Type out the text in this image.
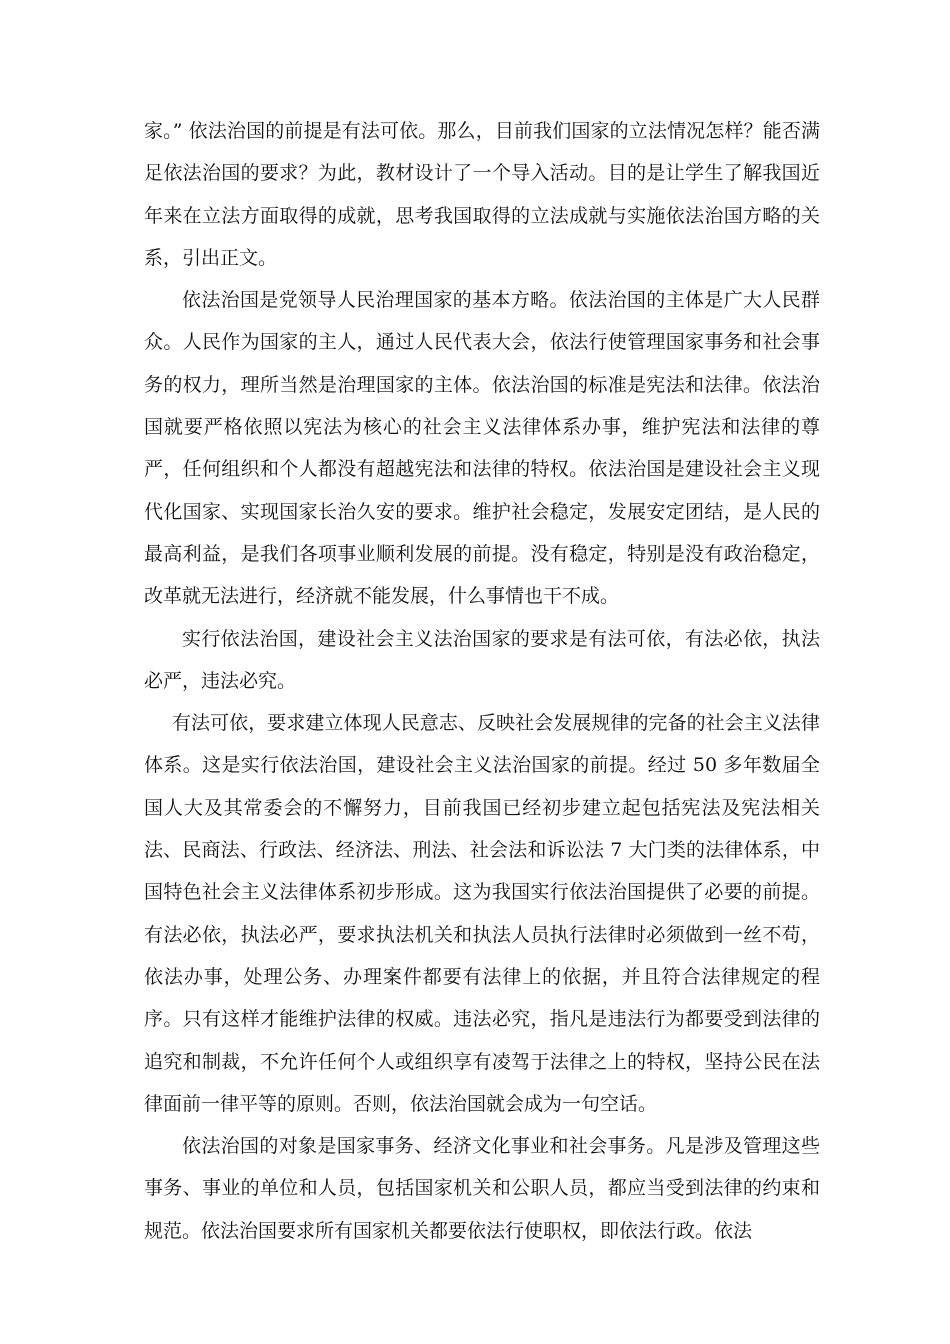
家。” 依法治国的前提是有法可依。那么，目前我们国家的立法情况怎样？能否满足依法治国的要求？为此，教材设计了一个导入活动。目的是让学生了解我国近年来在立法方面取得的成就，思考我国取得的立法成就与实施依法治国方略的关系，引出正文。

依法治国是党领导人民治理国家的基本方略。依法治国的主体是广大人民群众。人民作为国家的主人，通过人民代表大会，依法行使管理国家事务和社会事务的权力，理所当然是治理国家的主体。依法治国的标准是宪法和法律。依法治国就要严格依照以宪法为核心的社会主义法律体系办事，维护宪法和法律的尊严，任何组织和个人都没有超越宪法和法律的特权。依法治国是建设社会主义现代化国家、实现国家长治久安的要求。维护社会稳定，发展安定团结，是人民的最高利益，是我们各项事业顺利发展的前提。没有稳定，特别是没有政治稳定，改革就无法进行，经济就不能发展，什么事情也干不成。

实行依法治国，建设社会主义法治国家的要求是有法可依，有法必依，执法必严，违法必究。

有法可依，要求建立体现人民意志、反映社会发展规律的完备的社会主义法律体系。这是实行依法治国，建设社会主义法治国家的前提。经过 50 多年数届全国人大及其常委会的不懈努力，目前我国已经初步建立起包括宪法及宪法相关法、民商法、行政法、经济法、刑法、社会法和诉讼法 7 大门类的法律体系，中国特色社会主义法律体系初步形成。这为我国实行依法治国提供了必要的前提。有法必依，执法必严，要求执法机关和执法人员执行法律时必须做到一丝不苟，依法办事，处理公务、办理案件都要有法律上的依据，并且符合法律规定的程序。只有这样才能维护法律的权威。违法必究，指凡是违法行为都要受到法律的追究和制裁，不允许任何个人或组织享有凌驾于法律之上的特权，坚持公民在法律面前一律平等的原则。否则，依法治国就会成为一句空话。

依法治国的对象是国家事务、经济文化事业和社会事务。凡是涉及管理这些事务、事业的单位和人员，包括国家机关和公职人员，都应当受到法律的约束和规范。依法治国要求所有国家机关都要依法行使职权，即依法行政。依法
